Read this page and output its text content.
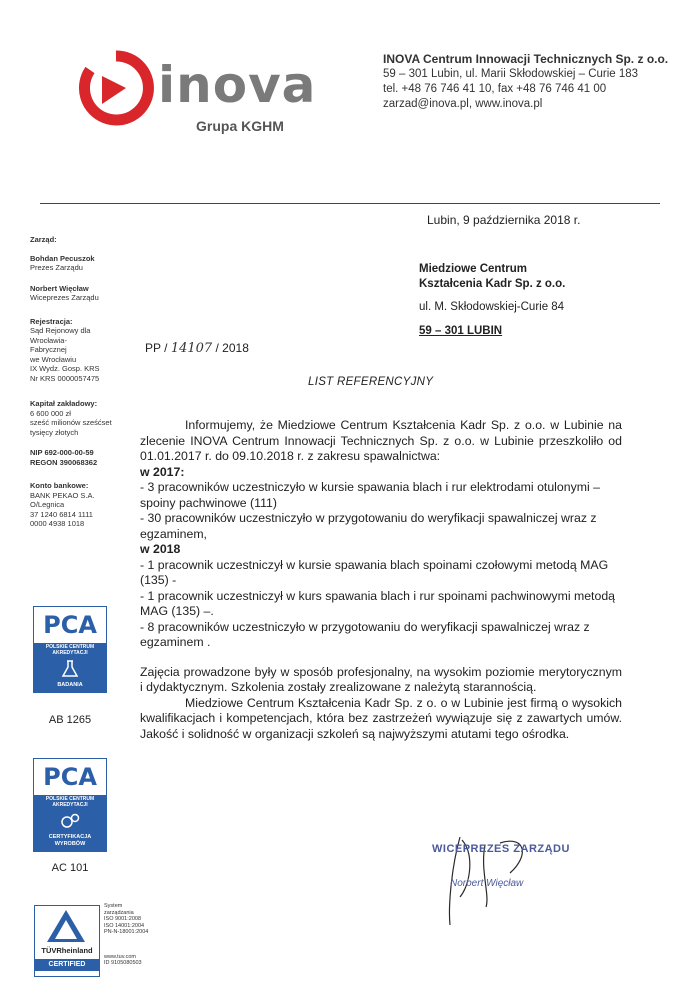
inova
Grupa KGHM
INOVA Centrum Innowacji Technicznych Sp. z o.o.
59 – 301 Lubin, ul. Marii Skłodowskiej – Curie 183
tel. +48 76 746 41 10, fax +48 76 746 41 00
zarzad@inova.pl, www.inova.pl
Zarząd:
Bohdan Pecuszok
Prezes Zarządu
Norbert Więcław
Wiceprezes Zarządu
Rejestracja:
Sąd Rejonowy dla
Wrocławia-
Fabrycznej
we Wrocławiu
IX Wydz. Gosp. KRS
Nr KRS 0000057475
Kapitał zakładowy:
6 600 000 zł
sześć milionów sześćset
tysięcy złotych
NIP 692-000-00-59
REGON 390068362
Konto bankowe:
BANK PEKAO S.A.
O/Legnica
37 1240 6814 1111
0000 4938 1018
PCA
POLSKIE CENTRUM
AKREDYTACJI
BADANIA
AB 1265
PCA
POLSKIE CENTRUM
AKREDYTACJI
CERTYFIKACJA
WYROBÓW
AC 101
TÜVRheinland
CERTIFIED
System
zarządzania
ISO 9001:2008
ISO 14001:2004
PN-N-18001:2004
www.tuv.com
ID 9105080503
Lubin, 9 października 2018 r.
Miedziowe Centrum
Kształcenia Kadr Sp. z o.o.
ul. M. Skłodowskiej-Curie 84
59 – 301 LUBIN
PP / 14107 / 2018
LIST REFERENCYJNY

Informujemy, że Miedziowe Centrum Kształcenia Kadr Sp. z o.o. w Lubinie na zlecenie INOVA Centrum Innowacji Technicznych Sp. z o.o. w Lubinie przeszkoliło od 01.01.2017 r. do 09.10.2018 r. z zakresu spawalnictwa:

w 2017:

- 3 pracowników uczestniczyło w kursie spawania blach i rur elektrodami otulonymi – spoiny pachwinowe (111)

- 30 pracowników uczestniczyło w przygotowaniu do weryfikacji spawalniczej wraz z egzaminem,

w 2018

- 1 pracownik uczestniczył w kursie spawania blach spoinami czołowymi metodą MAG (135) -

- 1 pracownik uczestniczył w kurs spawania blach i rur spoinami pachwinowymi metodą MAG (135) –.

- 8 pracowników uczestniczyło w przygotowaniu do weryfikacji spawalniczej wraz z egzaminem .

Zajęcia prowadzone były w sposób profesjonalny, na wysokim poziomie merytorycznym i dydaktycznym. Szkolenia zostały zrealizowane z należytą starannością.

Miedziowe Centrum Kształcenia Kadr Sp. z o. o w Lubinie jest firmą o wysokich kwalifikacjach i kompetencjach, która bez zastrzeżeń wywiązuje się z zawartych umów. Jakość i solidność w organizacji szkoleń są najwyższymi atutami tego ośrodka.

WICEPREZES ZARZĄDU
Norbert Więcław
